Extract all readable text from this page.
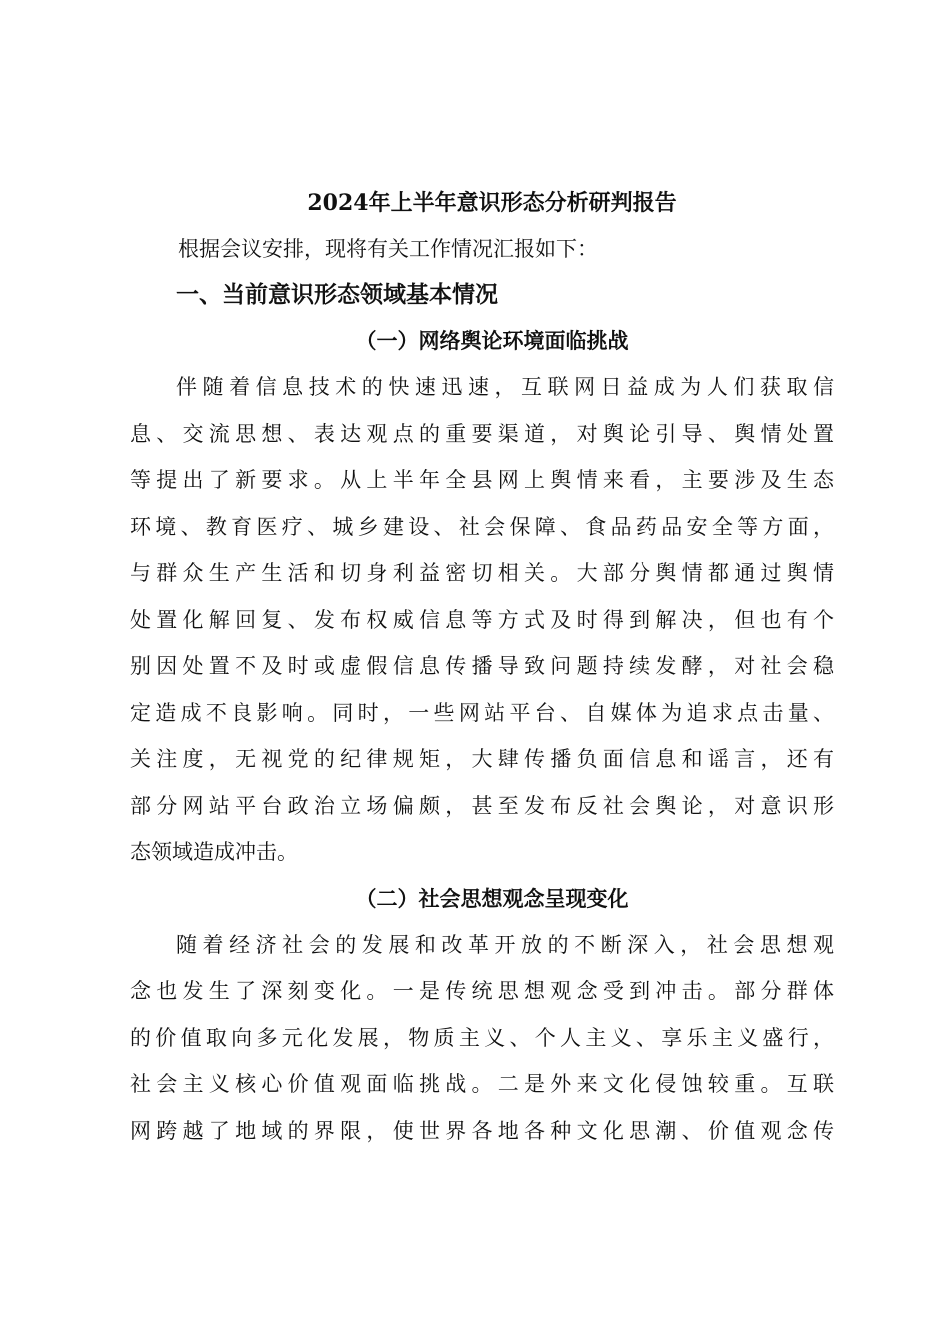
2024年上半年意识形态分析研判报告

根据会议安排，现将有关工作情况汇报如下：

一、当前意识形态领域基本情况
（一）网络舆论环境面临挑战
伴随着信息技术的快速迅速，互联网日益成为人们获取信
息、交流思想、表达观点的重要渠道，对舆论引导、舆情处置
等提出了新要求。从上半年全县网上舆情来看，主要涉及生态
环境、教育医疗、城乡建设、社会保障、食品药品安全等方面，
与群众生产生活和切身利益密切相关。大部分舆情都通过舆情
处置化解回复、发布权威信息等方式及时得到解决，但也有个
别因处置不及时或虚假信息传播导致问题持续发酵，对社会稳
定造成不良影响。同时，一些网站平台、自媒体为追求点击量、
关注度，无视党的纪律规矩，大肆传播负面信息和谣言，还有
部分网站平台政治立场偏颇，甚至发布反社会舆论，对意识形
态领域造成冲击。
（二）社会思想观念呈现变化
随着经济社会的发展和改革开放的不断深入，社会思想观
念也发生了深刻变化。一是传统思想观念受到冲击。部分群体
的价值取向多元化发展，物质主义、个人主义、享乐主义盛行，
社会主义核心价值观面临挑战。二是外来文化侵蚀较重。互联
网跨越了地域的界限，使世界各地各种文化思潮、价值观念传
